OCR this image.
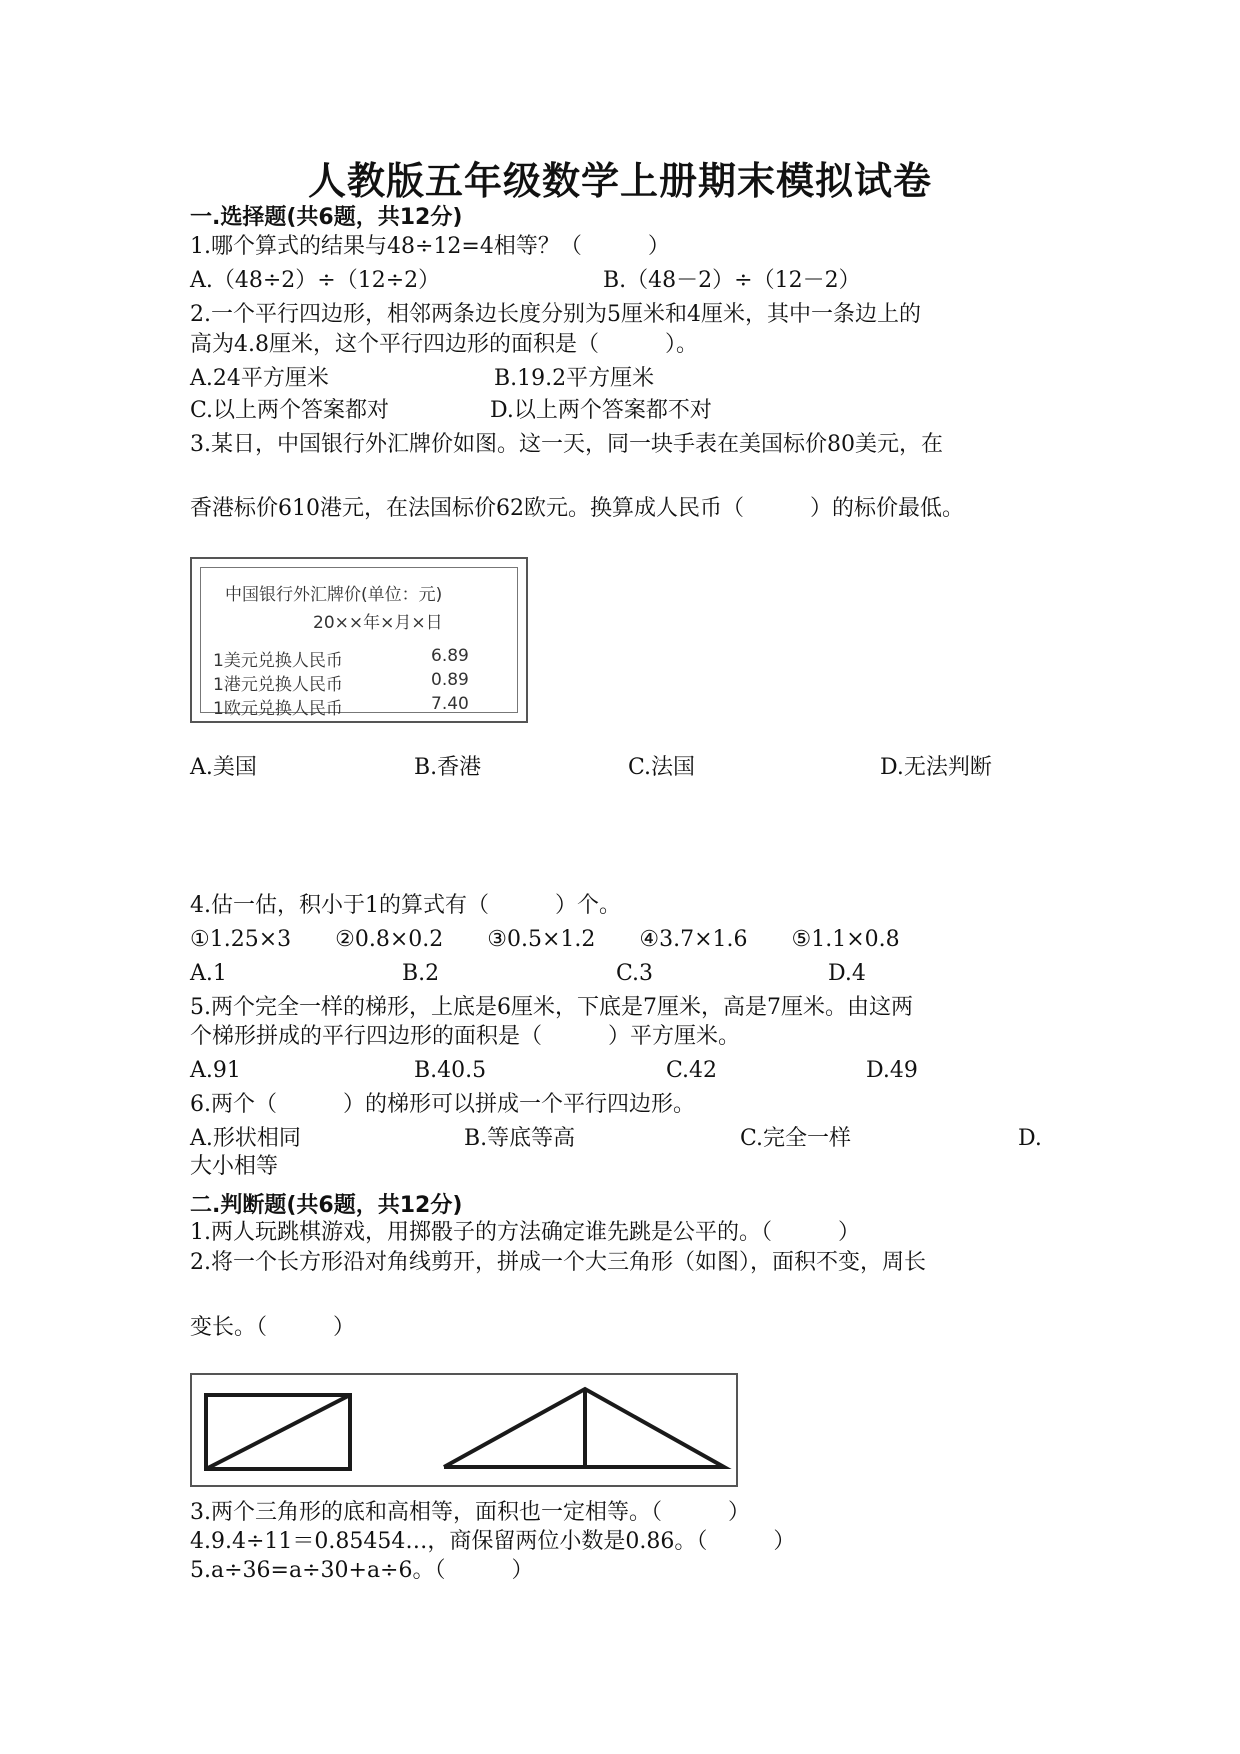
人教版五年级数学上册期末模拟试卷
一.选择题(共6题，共12分)
1.哪个算式的结果与48÷12=4相等？（　　　）
A.（48÷2）÷（12÷2）	B.（48－2）÷（12－2）
2.一个平行四边形，相邻两条边长度分别为5厘米和4厘米，其中一条边上的
高为4.8厘米，这个平行四边形的面积是（　　　）。
A.24平方厘米	B.19.2平方厘米
C.以上两个答案都对	D.以上两个答案都不对
3.某日，中国银行外汇牌价如图。这一天，同一块手表在美国标价80美元，在
香港标价610港元，在法国标价62欧元。换算成人民币（　　　）的标价最低。
中国银行外汇牌价(单位：元)
20××年×月×日
1美元兑换人民币	6.89
1港元兑换人民币	0.89
1欧元兑换人民币	7.40
A.美国	B.香港	C.法国	D.无法判断
4.估一估，积小于1的算式有（　　　）个。
①1.25×3　　②0.8×0.2　　③0.5×1.2　　④3.7×1.6　　⑤1.1×0.8
A.1	B.2	C.3	D.4
5.两个完全一样的梯形，上底是6厘米，下底是7厘米，高是7厘米。由这两
个梯形拼成的平行四边形的面积是（　　　）平方厘米。
A.91	B.40.5	C.42	D.49
6.两个（　　　）的梯形可以拼成一个平行四边形。
A.形状相同	B.等底等高	C.完全一样	D.
大小相等
二.判断题(共6题，共12分)
1.两人玩跳棋游戏，用掷骰子的方法确定谁先跳是公平的。（　　　）
2.将一个长方形沿对角线剪开，拼成一个大三角形（如图），面积不变，周长
变长。（　　　）
3.两个三角形的底和高相等，面积也一定相等。（　　　）
4.9.4÷11＝0.85454…，商保留两位小数是0.86。（　　　）
5.a÷36=a÷30+a÷6。（　　　）
